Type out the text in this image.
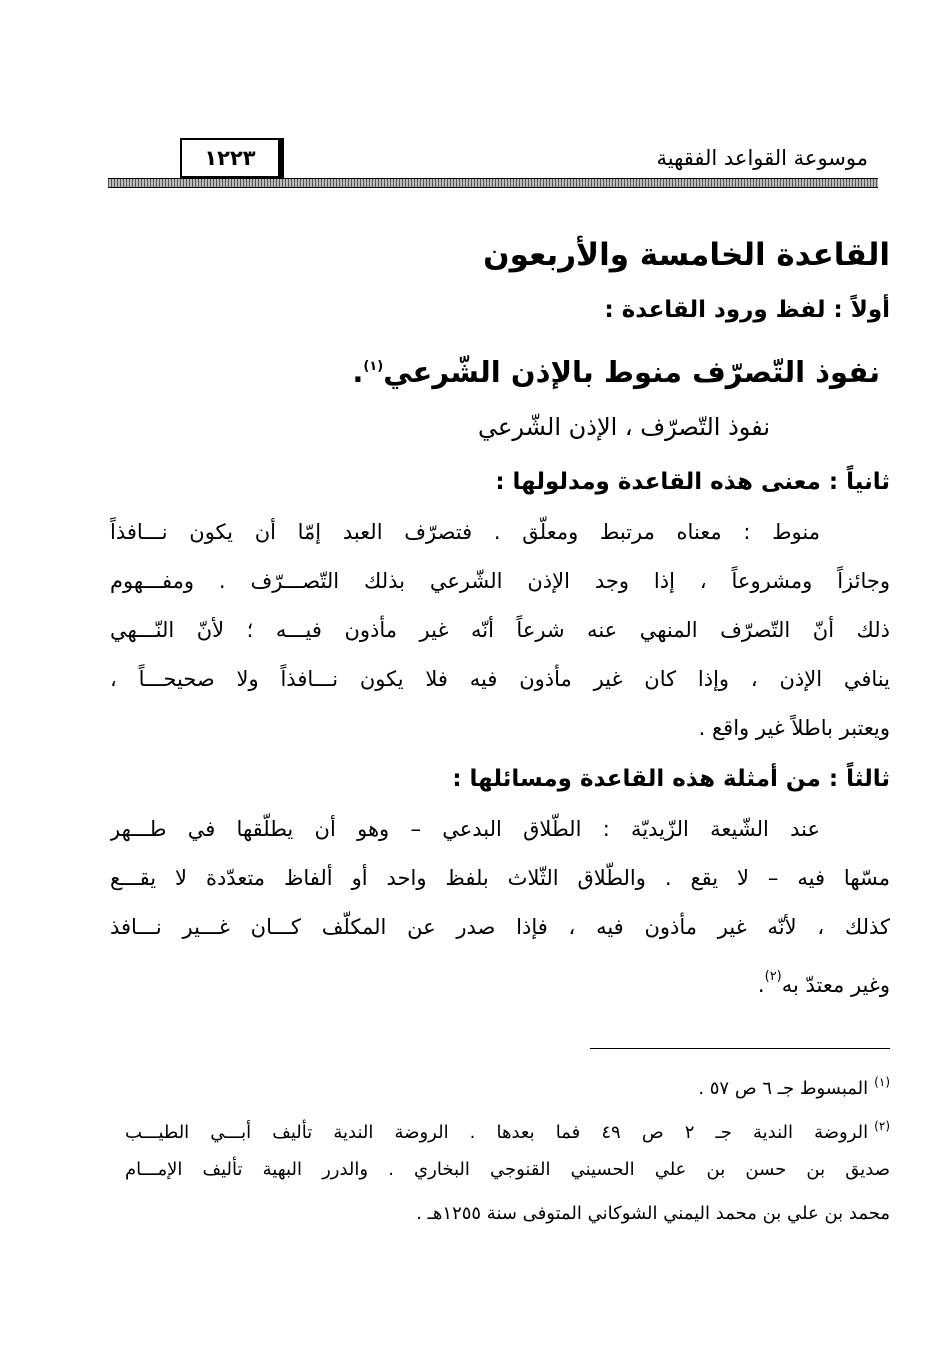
موسوعة القواعد الفقهية
١٢٢٣
القاعدة الخامسة والأربعون
أولاً : لفظ ورود القاعدة :
نفوذ التّصرّف منوط بالإذن الشّرعي$^{(١)}$.
نفوذ التّصرّف ، الإذن الشّرعي
ثانياً : معنى هذه القاعدة ومدلولها :
منوط : معناه مرتبط ومعلّق . فتصرّف العبد إمّا أن يكون نـــافذاً
وجائزاً ومشروعاً ، إذا وجد الإذن الشّرعي بذلك التّصـــرّف . ومفـــهوم
ذلك أنّ التّصرّف المنهي عنه شرعاً أنّه غير مأذون فيـــه ؛ لأنّ النّـــهي
ينافي الإذن ، وإذا كان غير مأذون فيه فلا يكون نـــافذاً ولا صحيحـــاً ،
ويعتبر باطلاً غير واقع .
ثالثاً : من أمثلة هذه القاعدة ومسائلها :
عند الشّيعة الزّيديّة : الطّلاق البدعي – وهو أن يطلّقها في طـــهر
مسّها فيه – لا يقع . والطّلاق الثّلاث بلفظ واحد أو ألفاظ متعدّدة لا يقـــع
كذلك ، لأنّه غير مأذون فيه ، فإذا صدر عن المكلّف كـــان غـــير نـــافذ
وغير معتدّ به$^{(٢)}$.
$^{(١)}$المبسوط جـ ٦ ص ٥٧ .
$^{(٢)}$الروضة الندية جـ ٢ ص ٤٩ فما بعدها . الروضة الندية تأليف أبـــي الطيـــب
صديق بن حسن بن علي الحسيني القنوجي البخاري . والدرر البهية تأليف الإمـــام
محمد بن علي بن محمد اليمني الشوكاني المتوفى سنة ١٢٥٥هـ .
